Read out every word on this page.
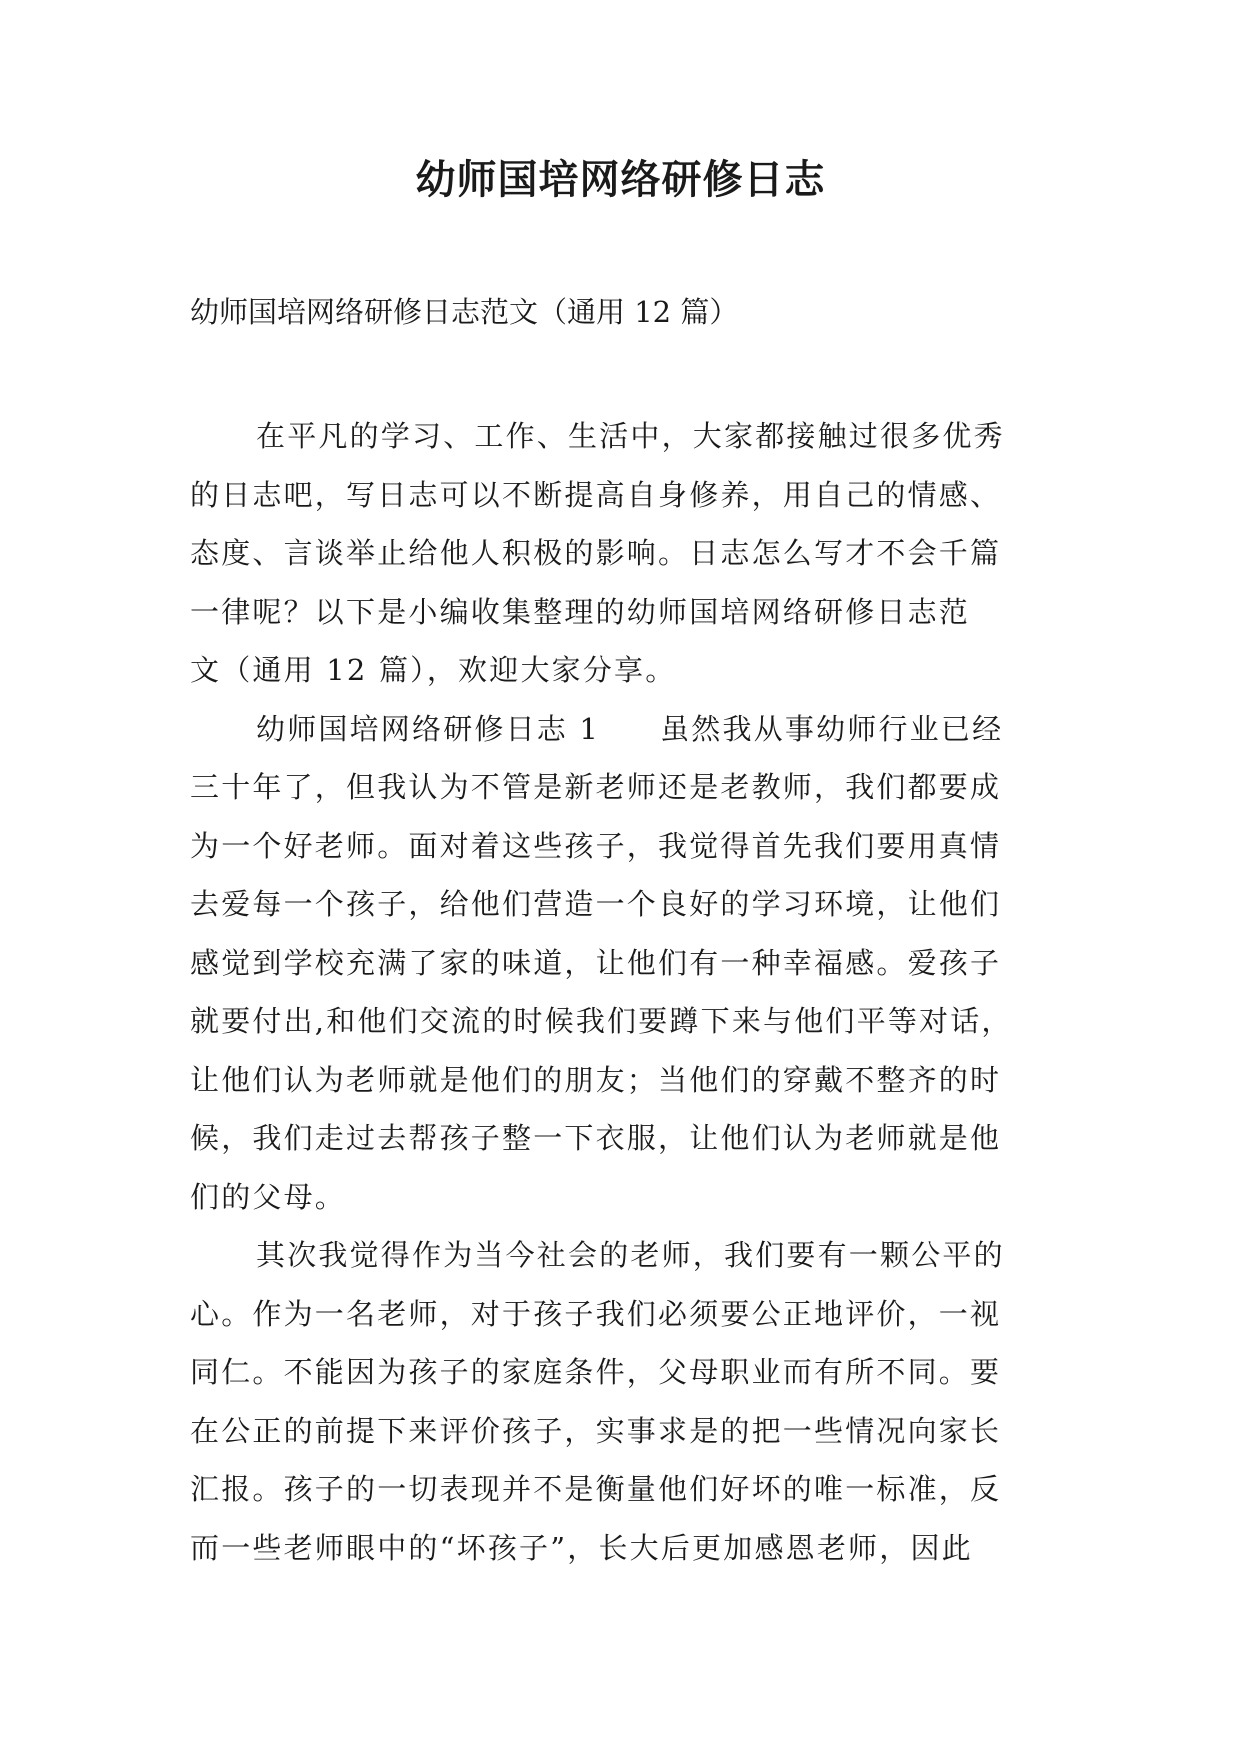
幼师国培网络研修日志

幼师国培网络研修日志范文（通用 12 篇）

在平凡的学习、工作、生活中，大家都接触过很多优秀
的日志吧，写日志可以不断提高自身修养，用自己的情感、
态度、言谈举止给他人积极的影响。日志怎么写才不会千篇
一律呢？以下是小编收集整理的幼师国培网络研修日志范
文（通用 12 篇），欢迎大家分享。

幼师国培网络研修日志 1 虽然我从事幼师行业已经
三十年了，但我认为不管是新老师还是老教师，我们都要成
为一个好老师。面对着这些孩子，我觉得首先我们要用真情
去爱每一个孩子，给他们营造一个良好的学习环境，让他们
感觉到学校充满了家的味道，让他们有一种幸福感。爱孩子
就要付出,和他们交流的时候我们要蹲下来与他们平等对话，
让他们认为老师就是他们的朋友；当他们的穿戴不整齐的时
候，我们走过去帮孩子整一下衣服，让他们认为老师就是他
们的父母。

其次我觉得作为当今社会的老师，我们要有一颗公平的
心。作为一名老师，对于孩子我们必须要公正地评价，一视
同仁。不能因为孩子的家庭条件，父母职业而有所不同。要
在公正的前提下来评价孩子，实事求是的把一些情况向家长
汇报。孩子的一切表现并不是衡量他们好坏的唯一标准，反
而一些老师眼中的“坏孩子”，长大后更加感恩老师，因此
